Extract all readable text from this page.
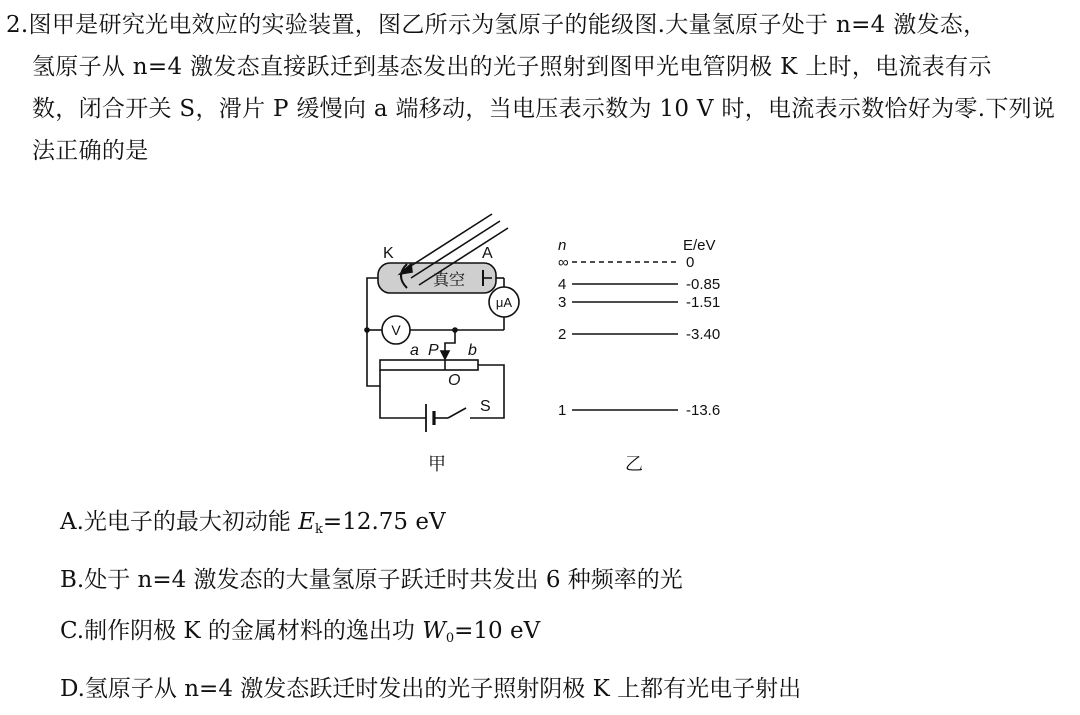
2.图甲是研究光电效应的实验装置，图乙所示为氢原子的能级图.大量氢原子处于 n=4 激发态，
氢原子从 n=4 激发态直接跃迁到基态发出的光子照射到图甲光电管阴极 K 上时，电流表有示
数，闭合开关 S，滑片 P 缓慢向 a 端移动，当电压表示数为 10 V 时，电流表示数恰好为零.下列说
法正确的是
K	A
真空
μA
V
a P b
O
S
甲
n	E/eV
∞	0
4	-0.85
3	-1.51
2	-3.40
1	-13.6
乙
A.光电子的最大初动能 $E_k=12.75$ eV
B.处于 n=4 激发态的大量氢原子跃迁时共发出 6 种频率的光
C.制作阴极 K 的金属材料的逸出功 $W_0=10$ eV
D.氢原子从 n=4 激发态跃迁时发出的光子照射阴极 K 上都有光电子射出
